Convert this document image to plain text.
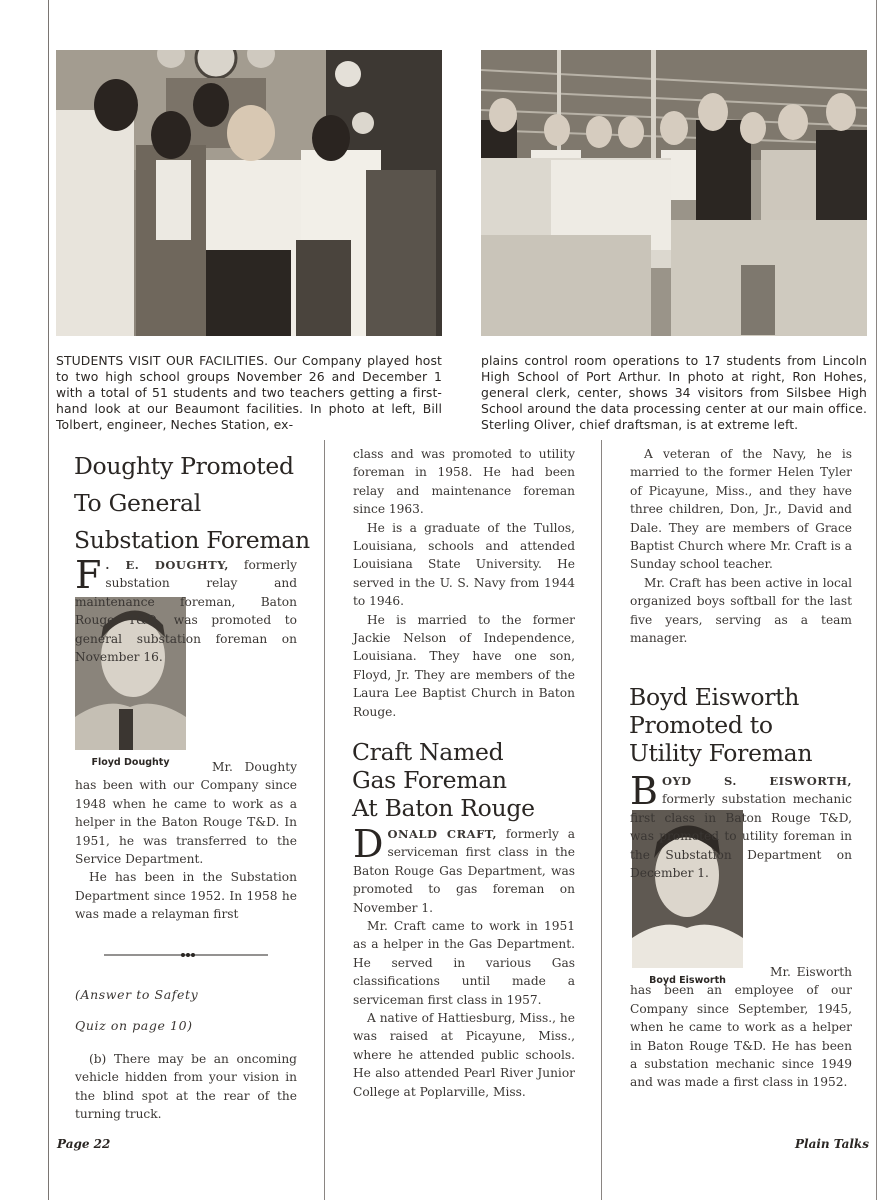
STUDENTS VISIT OUR FACILITIES. Our Company played host to two high school groups November 26 and December 1 with a total of 51 students and two teachers getting a first-hand look at our Beaumont facilities. In photo at left, Bill Tolbert, engineer, Neches Station, ex-
plains control room operations to 17 students from Lincoln High School of Port Arthur. In photo at right, Ron Hohes, general clerk, center, shows 34 visitors from Silsbee High School around the data processing center at our main office. Sterling Oliver, chief draftsman, is at extreme left.
Doughty Promoted
To General
Substation Foreman
Floyd Doughty
F . E. DOUGHTY, formerly substation relay and maintenance foreman, Baton Rouge T&D, was promoted to general substation foreman on November 16.

Mr. Doughty has been with our Company since 1948 when he came to work as a helper in the Baton Rouge T&D. In 1951, he was transferred to the Service Department.

He has been in the Substation Department since 1952. In 1958 he was made a relayman first

(Answer to Safety
Quiz on page 10)

(b) There may be an oncoming vehicle hidden from your vision in the blind spot at the rear of the turning truck.

class and was promoted to utility foreman in 1958. He had been relay and maintenance foreman since 1963.

He is a graduate of the Tullos, Louisiana, schools and attended Louisiana State University. He served in the U. S. Navy from 1944 to 1946.

He is married to the former Jackie Nelson of Independence, Louisiana. They have one son, Floyd, Jr. They are members of the Laura Lee Baptist Church in Baton Rouge.

Craft Named
Gas Foreman
At Baton Rouge

DONALD CRAFT, formerly a serviceman first class in the Baton Rouge Gas Department, was promoted to gas foreman on November 1.

Mr. Craft came to work in 1951 as a helper in the Gas Department. He served in various Gas classifications until made a serviceman first class in 1957.

A native of Hattiesburg, Miss., he was raised at Picayune, Miss., where he attended public schools. He also attended Pearl River Junior College at Poplarville, Miss.

A veteran of the Navy, he is married to the former Helen Tyler of Picayune, Miss., and they have three children, Don, Jr., David and Dale. They are members of Grace Baptist Church where Mr. Craft is a Sunday school teacher.

Mr. Craft has been active in local organized boys softball for the last five years, serving as a team manager.

Boyd Eisworth
Promoted to
Utility Foreman
Boyd Eisworth
BOYD S. EISWORTH, formerly substation mechanic first class in Baton Rouge T&D, was promoted to utility foreman in the Substation Department on December 1.

Mr. Eisworth has been an employee of our Company since September, 1945, when he came to work as a helper in Baton Rouge T&D. He has been a substation mechanic since 1949 and was made a first class in 1952.

Page 22	Plain Talks
